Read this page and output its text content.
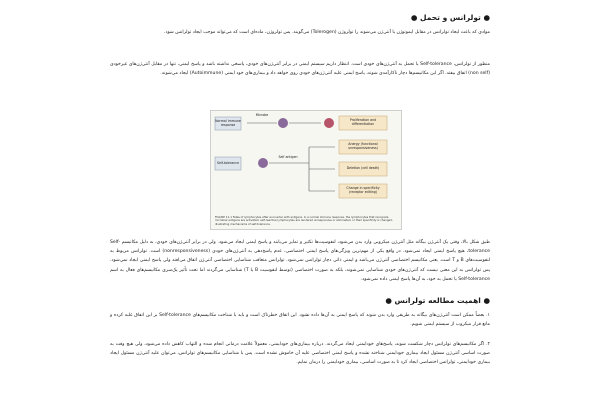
● تولرانس و تحمل ●

موادی که باعث ایجاد تولرانس در مقابل ایمونوژن یا آنتی‌ژن می‌شوند را تولروژن (Tolerogen) می‌گویند. پس تولروژن، ماده‌ای است که می‌تواند موجب ایجاد تولرانس شود.

منظور از تولرانس، Self-tolerance یا تحمل به آنتی‌ژن‌های خودی است. انتظار داریم سیستم ایمنی در برابر آنتی‌ژن‌های خودی، پاسخی نداشته باشد و پاسخ ایمنی، تنها در مقابل آنتی‌ژن‌های غیرخودی (non self) اتفاق بیفتد. اگر این مکانیسم‌ها دچار ناکارآمدی شوند، پاسخ ایمنی علیه آنتی‌ژن‌های خودی روی خواهد داد و بیماری‌های خود ایمنی (Autoimmune) ایجاد می‌شوند.

Normal immune response
Microbe
Proliferation and differentiation
Self-tolerance
Self antigen
Anergy (functional unresponsiveness)
Deletion (cell death)
Change in specificity (receptor editing)
FIGURE 11-1 Fates of lymphocytes after encounter with antigens. In a normal immune response, the lymphocytes that recognize microbial antigens are activated; self-reactive lymphocytes are rendered unresponsive or eliminated, or their specificity is changed, illustrating mechanisms of self-tolerance.

طبق شکل بالا، وقتی یک آنتی‌ژن بیگانه مثل آنتی‌ژن میکروبی وارد بدن می‌شود، لنفوسیت‌ها تکثیر و تمایز می‌یابند و پاسخ ایمنی ایجاد می‌شود. ولی در برابر آنتی‌ژن‌های خودی، به دلیل مکانیسم Self-tolerance، هیچ پاسخ ایمنی ایجاد نمی‌شود. در واقع یکی از مهم‌ترین ویژگی‌های پاسخ ایمنی اختصاصی، عدم پاسخ‌دهی به آنتی‌ژن‌های خودی (nonresponsiveness) است. تولرانس مربوط به لنفوسیت‌های B و T است. یعنی مکانیسم اختصاصی آنتی‌ژن می‌باشد و ایمنی ذاتی دچار تولرانس نمی‌شود. تولرانس متعاقب شناسایی اختصاصی آنتی‌ژن اتفاق می‌افتد ولی پاسخ ایمنی ایجاد نمی‌شود. پس تولرانس به این معنی نیست که آنتی‌ژن‌های خودی شناسایی نمی‌شوند، بلکه به صورت اختصاصی (توسط لنفوسیت B یا T) شناسایی می‌گردند اما تحت تأثیر یک‌سری مکانیسم‌های فعال به اسم Self-tolerance یا تحمل به خود، به آن‌ها پاسخ ایمنی داده نمی‌شود.

● اهمیت مطالعه تولرانس ●

۱. بعضاً ممکن است آنتی‌ژن‌های بیگانه به طریقی وارد بدن شوند که پاسخ ایمنی به آن‌ها داده نشود. این اتفاق خطرناک است و باید با شناخت مکانیسم‌های Self-tolerance بر این اتفاق غلبه کرده و مانع قرار میکروب از سیستم ایمنی شویم.

۲. اگر مکانیسم‌های تولرانس دچار شکست شوند، پاسخ‌های خودایمنی ایجاد می‌گردند. درباره بیماری‌های خودایمنی، معمولاً علامت درمانی انجام شده و التهاب کاهش داده می‌شود، ولی هیچ وقت به صورت اساسی آنتی‌ژن مسئول ایجاد بیماری خودایمنی شناخته نشده و پاسخ ایمنی اختصاصی علیه آن خاموش نشده است. پس با شناسایی مکانیسم‌های تولرانس، می‌توان علیه آنتی‌ژن مسئول ایجاد بیماری خودایمنی، تولرانس اختصاصی ایجاد کرد تا به صورت اساسی، بیماری خودایمنی را درمان نمایم.
